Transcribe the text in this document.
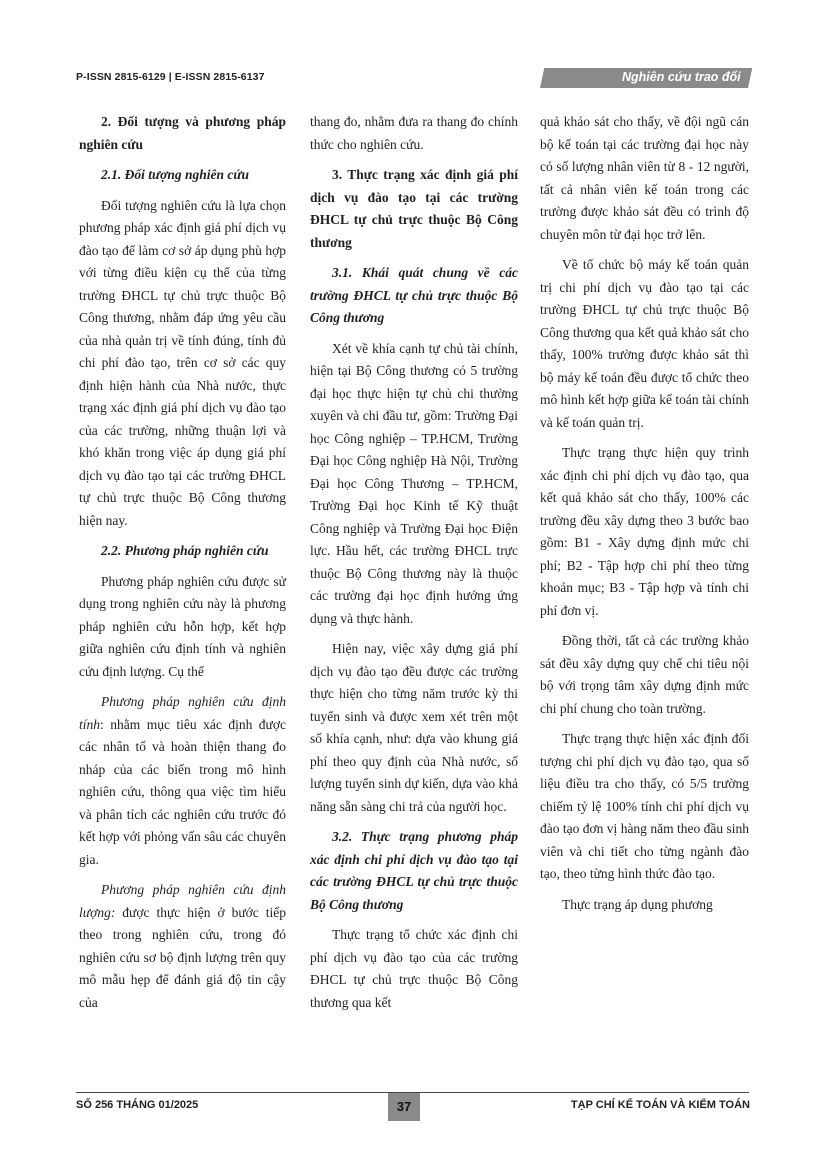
P-ISSN 2815-6129 | E-ISSN 2815-6137	Nghiên cứu trao đổi
2. Đối tượng và phương pháp nghiên cứu
2.1. Đối tượng nghiên cứu

Đối tượng nghiên cứu là lựa chọn phương pháp xác định giá phí dịch vụ đào tạo để làm cơ sở áp dụng phù hợp với từng điều kiện cụ thể của từng trường ĐHCL tự chủ trực thuộc Bộ Công thương, nhằm đáp ứng yêu cầu của nhà quản trị về tính đúng, tính đủ chi phí đào tạo, trên cơ sở các quy định hiện hành của Nhà nước, thực trạng xác định giá phí dịch vụ đào tạo của các trường, những thuận lợi và khó khăn trong việc áp dụng giá phí dịch vụ đào tạo tại các trường ĐHCL tự chủ trực thuộc Bộ Công thương hiện nay.

2.2. Phương pháp nghiên cứu

Phương pháp nghiên cứu được sử dụng trong nghiên cứu này là phương pháp nghiên cứu hỗn hợp, kết hợp giữa nghiên cứu định tính và nghiên cứu định lượng. Cụ thể

Phương pháp nghiên cứu định tính: nhằm mục tiêu xác định được các nhân tố và hoàn thiện thang đo nháp của các biến trong mô hình nghiên cứu, thông qua việc tìm hiểu và phân tích các nghiên cứu trước đó kết hợp với phỏng vấn sâu các chuyên gia.

Phương pháp nghiên cứu định lượng: được thực hiện ở bước tiếp theo trong nghiên cứu, trong đó nghiên cứu sơ bộ định lượng trên quy mô mẫu hẹp để đánh giá độ tin cậy của

thang đo, nhằm đưa ra thang đo chính thức cho nghiên cứu.

3. Thực trạng xác định giá phí dịch vụ đào tạo tại các trường ĐHCL tự chủ trực thuộc Bộ Công thương
3.1. Khái quát chung về các trường ĐHCL tự chủ trực thuộc Bộ Công thương

Xét về khía cạnh tự chủ tài chính, hiện tại Bộ Công thương có 5 trường đại học thực hiện tự chủ chi thường xuyên và chi đầu tư, gồm: Trường Đại học Công nghiệp – TP.HCM, Trường Đại học Công nghiệp Hà Nội, Trường Đại học Công Thương – TP.HCM, Trường Đại học Kinh tế Kỹ thuật Công nghiệp và Trường Đại học Điện lực. Hầu hết, các trường ĐHCL trực thuộc Bộ Công thương này là thuộc các trường đại học định hướng ứng dụng và thực hành.

Hiện nay, việc xây dựng giá phí dịch vụ đào tạo đều được các trường thực hiện cho từng năm trước kỳ thi tuyển sinh và được xem xét trên một số khía cạnh, như: dựa vào khung giá phí theo quy định của Nhà nước, số lượng tuyển sinh dự kiến, dựa vào khả năng sẵn sàng chi trả của người học.

3.2. Thực trạng phương pháp xác định chi phí dịch vụ đào tạo tại các trường ĐHCL tự chủ trực thuộc Bộ Công thương

Thực trạng tổ chức xác định chi phí dịch vụ đào tạo của các trường ĐHCL tự chủ trực thuộc Bộ Công thương qua kết

quả khảo sát cho thấy, về đội ngũ cán bộ kế toán tại các trường đại học này có số lượng nhân viên từ 8 - 12 người, tất cả nhân viên kế toán trong các trường được khảo sát đều có trình độ chuyên môn từ đại học trở lên.

Về tổ chức bộ máy kế toán quản trị chi phí dịch vụ đào tạo tại các trường ĐHCL tự chủ trực thuộc Bộ Công thương qua kết quả khảo sát cho thấy, 100% trường được khảo sát thì bộ máy kế toán đều được tổ chức theo mô hình kết hợp giữa kế toán tài chính và kế toán quản trị.

Thực trạng thực hiện quy trình xác định chi phí dịch vụ đào tạo, qua kết quả khảo sát cho thấy, 100% các trường đều xây dựng theo 3 bước bao gồm: B1 - Xây dựng định mức chi phí; B2 - Tập hợp chi phí theo từng khoản mục; B3 - Tập hợp và tính chi phí đơn vị.

Đồng thời, tất cả các trường khảo sát đều xây dựng quy chế chi tiêu nội bộ với trọng tâm xây dựng định mức chi phí chung cho toàn trường.

Thực trạng thực hiện xác định đối tượng chi phí dịch vụ đào tạo, qua số liệu điều tra cho thấy, có 5/5 trường chiếm tỷ lệ 100% tính chi phí dịch vụ đào tạo đơn vị hàng năm theo đầu sinh viên và chi tiết cho từng ngành đào tạo, theo từng hình thức đào tạo.

Thực trạng áp dụng phương

SỐ 256 THÁNG 01/2025	37	TẠP CHÍ KẾ TOÁN VÀ KIỂM TOÁN
